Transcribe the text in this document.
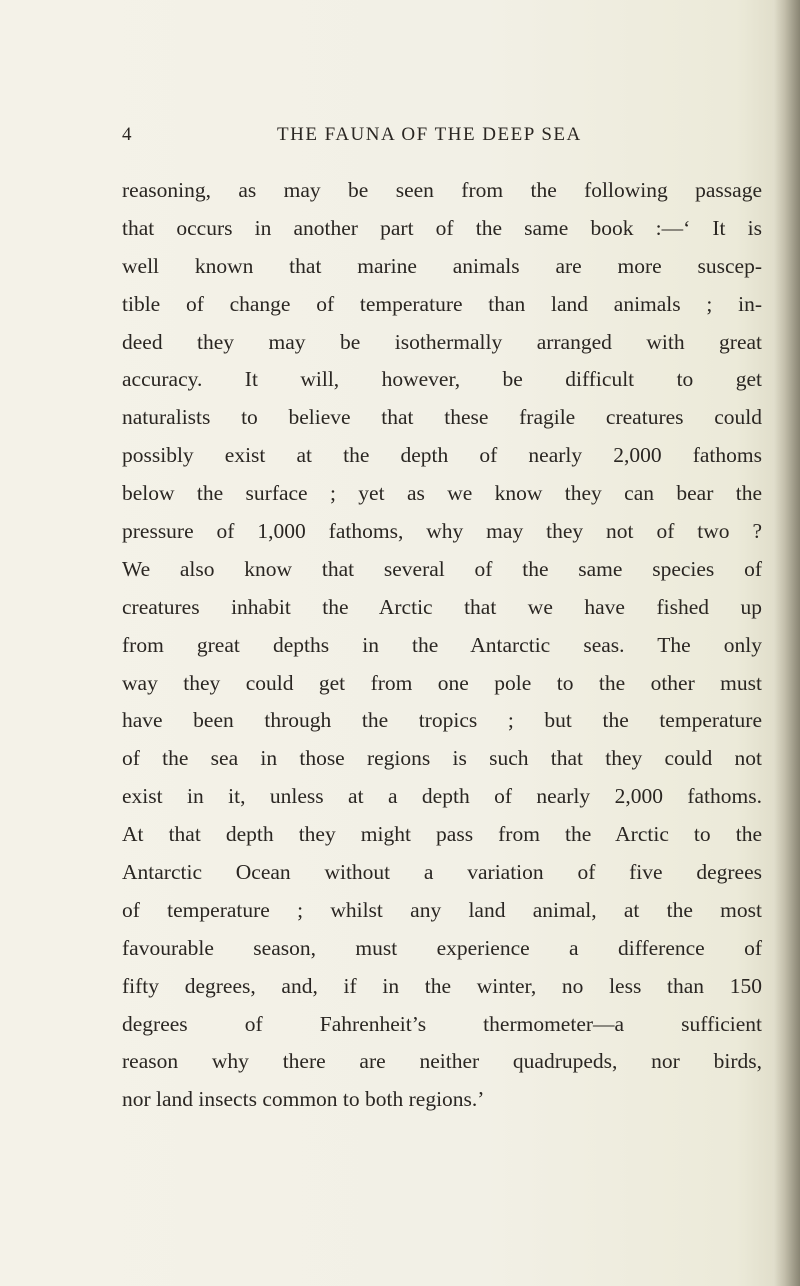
4	THE FAUNA OF THE DEEP SEA
reasoning, as may be seen from the following passage
that occurs in another part of the same book :—‘ It is
well known that marine animals are more suscep-
tible of change of temperature than land animals ; in-
deed they may be isothermally arranged with great
accuracy. It will, however, be difficult to get
naturalists to believe that these fragile creatures could
possibly exist at the depth of nearly 2,000 fathoms
below the surface ; yet as we know they can bear the
pressure of 1,000 fathoms, why may they not of two ?
We also know that several of the same species of
creatures inhabit the Arctic that we have fished up
from great depths in the Antarctic seas. The only
way they could get from one pole to the other must
have been through the tropics ; but the temperature
of the sea in those regions is such that they could not
exist in it, unless at a depth of nearly 2,000 fathoms.
At that depth they might pass from the Arctic to the
Antarctic Ocean without a variation of five degrees
of temperature ; whilst any land animal, at the most
favourable season, must experience a difference of
fifty degrees, and, if in the winter, no less than 150
degrees of Fahrenheit’s thermometer—a sufficient
reason why there are neither quadrupeds, nor birds,
nor land insects common to both regions.’
